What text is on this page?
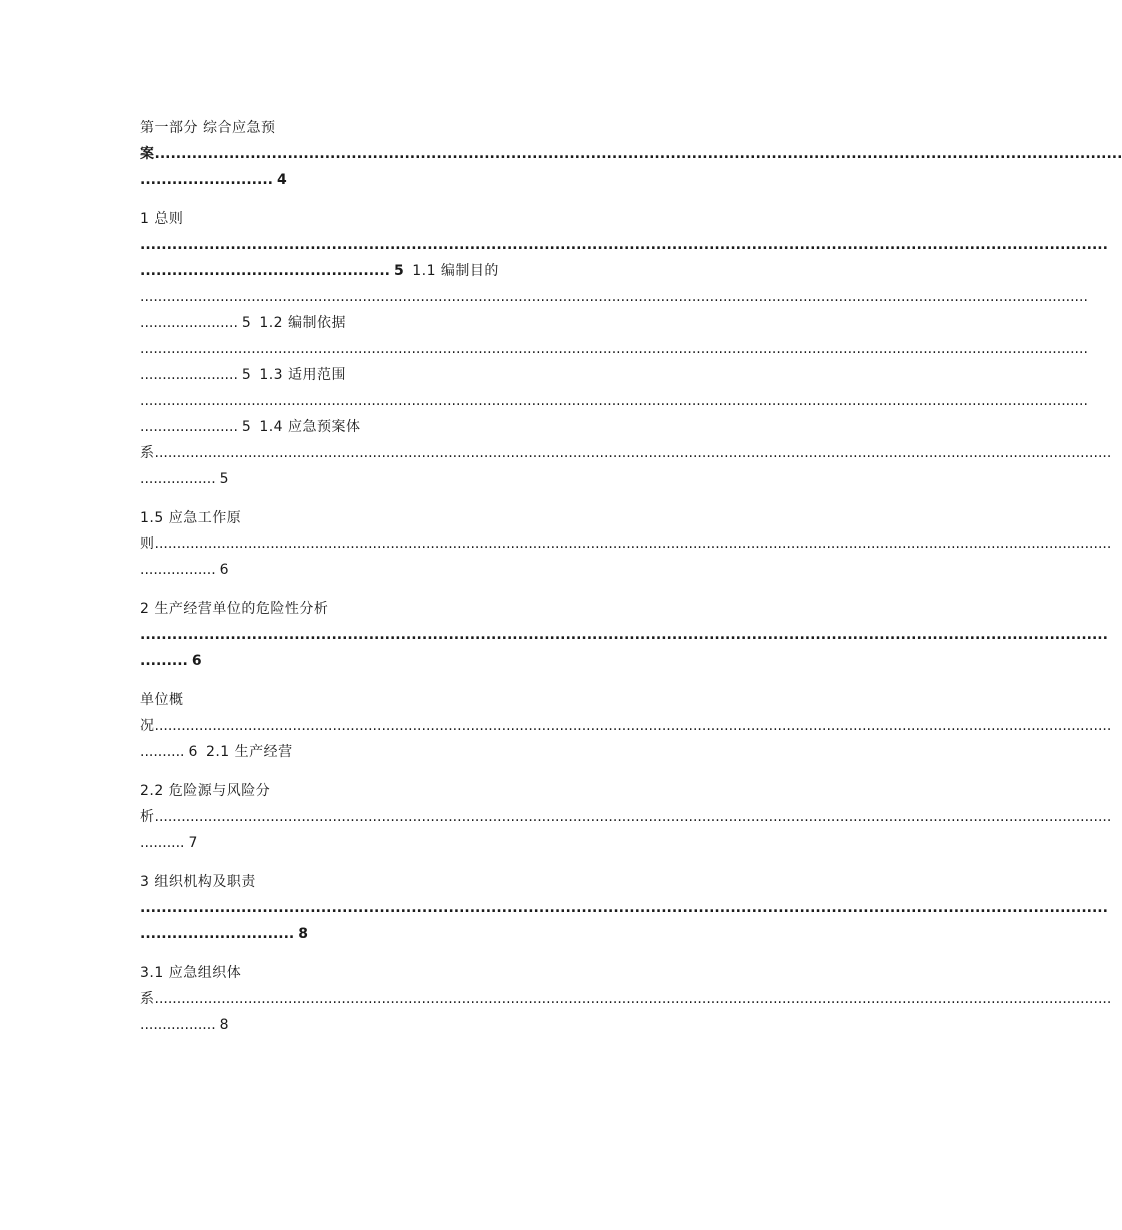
第一部分 综合应急预
案......................................................................................................................................................................................
......................... 4
1 总则
......................................................................................................................................................................................
............................................... 5 1.1 编制目的
.....................................................................................................................................................................................................................
...................... 5 1.2 编制依据
.....................................................................................................................................................................................................................
...................... 5 1.3 适用范围
.....................................................................................................................................................................................................................
...................... 5 1.4 应急预案体
系.......................................................................................................................................................................................................................
................. 5
1.5 应急工作原
则.......................................................................................................................................................................................................................
................. 6
2 生产经营单位的危险性分析
......................................................................................................................................................................................
......... 6
单位概
况.......................................................................................................................................................................................................................
.......... 6 2.1 生产经营
2.2 危险源与风险分
析.......................................................................................................................................................................................................................
.......... 7
3 组织机构及职责
......................................................................................................................................................................................
............................. 8
3.1 应急组织体
系.......................................................................................................................................................................................................................
................. 8
